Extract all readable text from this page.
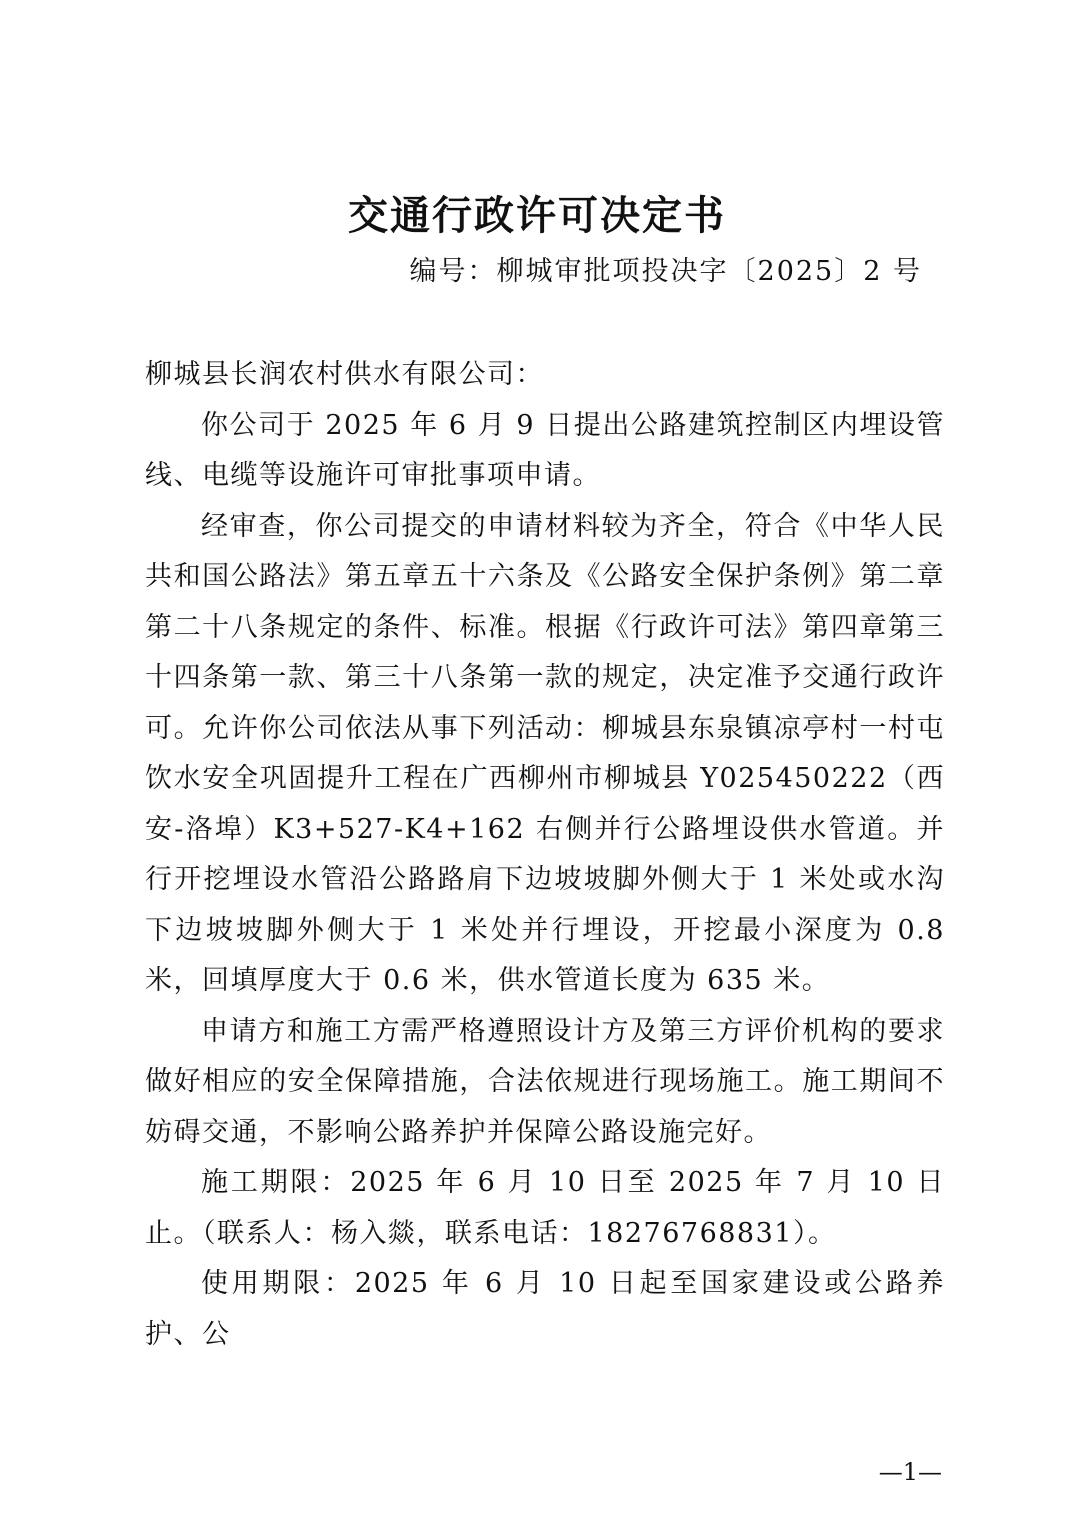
交通行政许可决定书
编号：柳城审批项投决字〔2025〕2 号

柳城县长润农村供水有限公司：

你公司于 2025 年 6 月 9 日提出公路建筑控制区内埋设管线、电缆等设施许可审批事项申请。

经审查，你公司提交的申请材料较为齐全，符合《中华人民共和国公路法》第五章五十六条及《公路安全保护条例》第二章第二十八条规定的条件、标准。根据《行政许可法》第四章第三十四条第一款、第三十八条第一款的规定，决定准予交通行政许可。允许你公司依法从事下列活动：柳城县东泉镇凉亭村一村屯饮水安全巩固提升工程在广西柳州市柳城县 Y025450222（西安-洛埠）K3+527-K4+162 右侧并行公路埋设供水管道。并行开挖埋设水管沿公路路肩下边坡坡脚外侧大于 1 米处或水沟下边坡坡脚外侧大于 1 米处并行埋设，开挖最小深度为 0.8 米，回填厚度大于 0.6 米，供水管道长度为 635 米。

申请方和施工方需严格遵照设计方及第三方评价机构的要求做好相应的安全保障措施，合法依规进行现场施工。施工期间不妨碍交通，不影响公路养护并保障公路设施完好。

施工期限：2025 年 6 月 10 日至 2025 年 7 月 10 日止。（联系人：杨入燚，联系电话：18276768831）。

使用期限：2025 年 6 月 10 日起至国家建设或公路养护、公

—1—
